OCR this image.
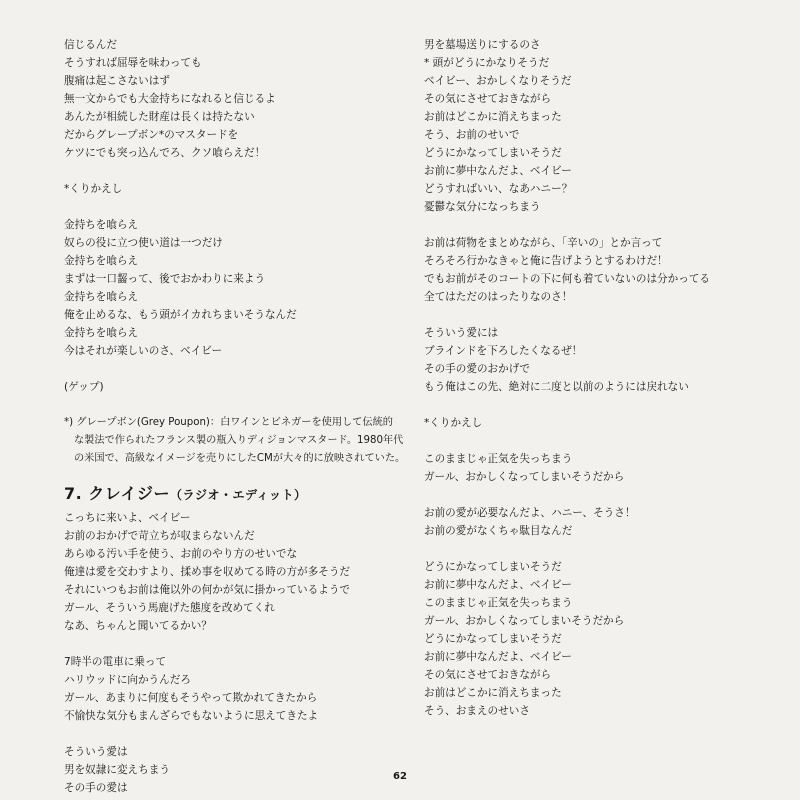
信じるんだ
そうすれば屈辱を味わっても
腹痛は起こさないはず
無一文からでも大金持ちになれると信じるよ
あんたが相続した財産は長くは持たない
だからグレープボン*のマスタードを
ケツにでも突っ込んでろ、クソ喰らえだ！
*くりかえし
金持ちを喰らえ
奴らの役に立つ使い道は一つだけ
金持ちを喰らえ
まずは一口齧って、後でおかわりに来よう
金持ちを喰らえ
俺を止めるな、もう頭がイカれちまいそうなんだ
金持ちを喰らえ
今はそれが楽しいのさ、ベイビー
(ゲップ)
*) グレープボン(Grey Poupon)：白ワインとビネガーを使用して伝統的
な製法で作られたフランス製の瓶入りディジョンマスタード。1980年代
の米国で、高級なイメージを売りにしたCMが大々的に放映されていた。
7. クレイジー（ラジオ・エディット）
こっちに来いよ、ベイビー
お前のおかげで苛立ちが収まらないんだ
あらゆる汚い手を使う、お前のやり方のせいでな
俺達は愛を交わすより、揉め事を収めてる時の方が多そうだ
それにいつもお前は俺以外の何かが気に掛かっているようで
ガール、そういう馬鹿げた態度を改めてくれ
なあ、ちゃんと聞いてるかい？
7時半の電車に乗って
ハリウッドに向かうんだろ
ガール、あまりに何度もそうやって欺かれてきたから
不愉快な気分もまんざらでもないように思えてきたよ
そういう愛は
男を奴隷に変えちまう
その手の愛は
男を墓場送りにするのさ
* 頭がどうにかなりそうだ
ベイビー、おかしくなりそうだ
その気にさせておきながら
お前はどこかに消えちまった
そう、お前のせいで
どうにかなってしまいそうだ
お前に夢中なんだよ、ベイビー
どうすればいい、なあハニー？
憂鬱な気分になっちまう
お前は荷物をまとめながら、「辛いの」とか言って
そろそろ行かなきゃと俺に告げようとするわけだ！
でもお前がそのコートの下に何も着ていないのは分かってる
全てはただのはったりなのさ！
そういう愛には
ブラインドを下ろしたくなるぜ！
その手の愛のおかげで
もう俺はこの先、絶対に二度と以前のようには戻れない
*くりかえし
このままじゃ正気を失っちまう
ガール、おかしくなってしまいそうだから
お前の愛が必要なんだよ、ハニー、そうさ！
お前の愛がなくちゃ駄目なんだ
どうにかなってしまいそうだ
お前に夢中なんだよ、ベイビー
このままじゃ正気を失っちまう
ガール、おかしくなってしまいそうだから
どうにかなってしまいそうだ
お前に夢中なんだよ、ベイビー
その気にさせておきながら
お前はどこかに消えちまった
そう、おまえのせいさ
62
